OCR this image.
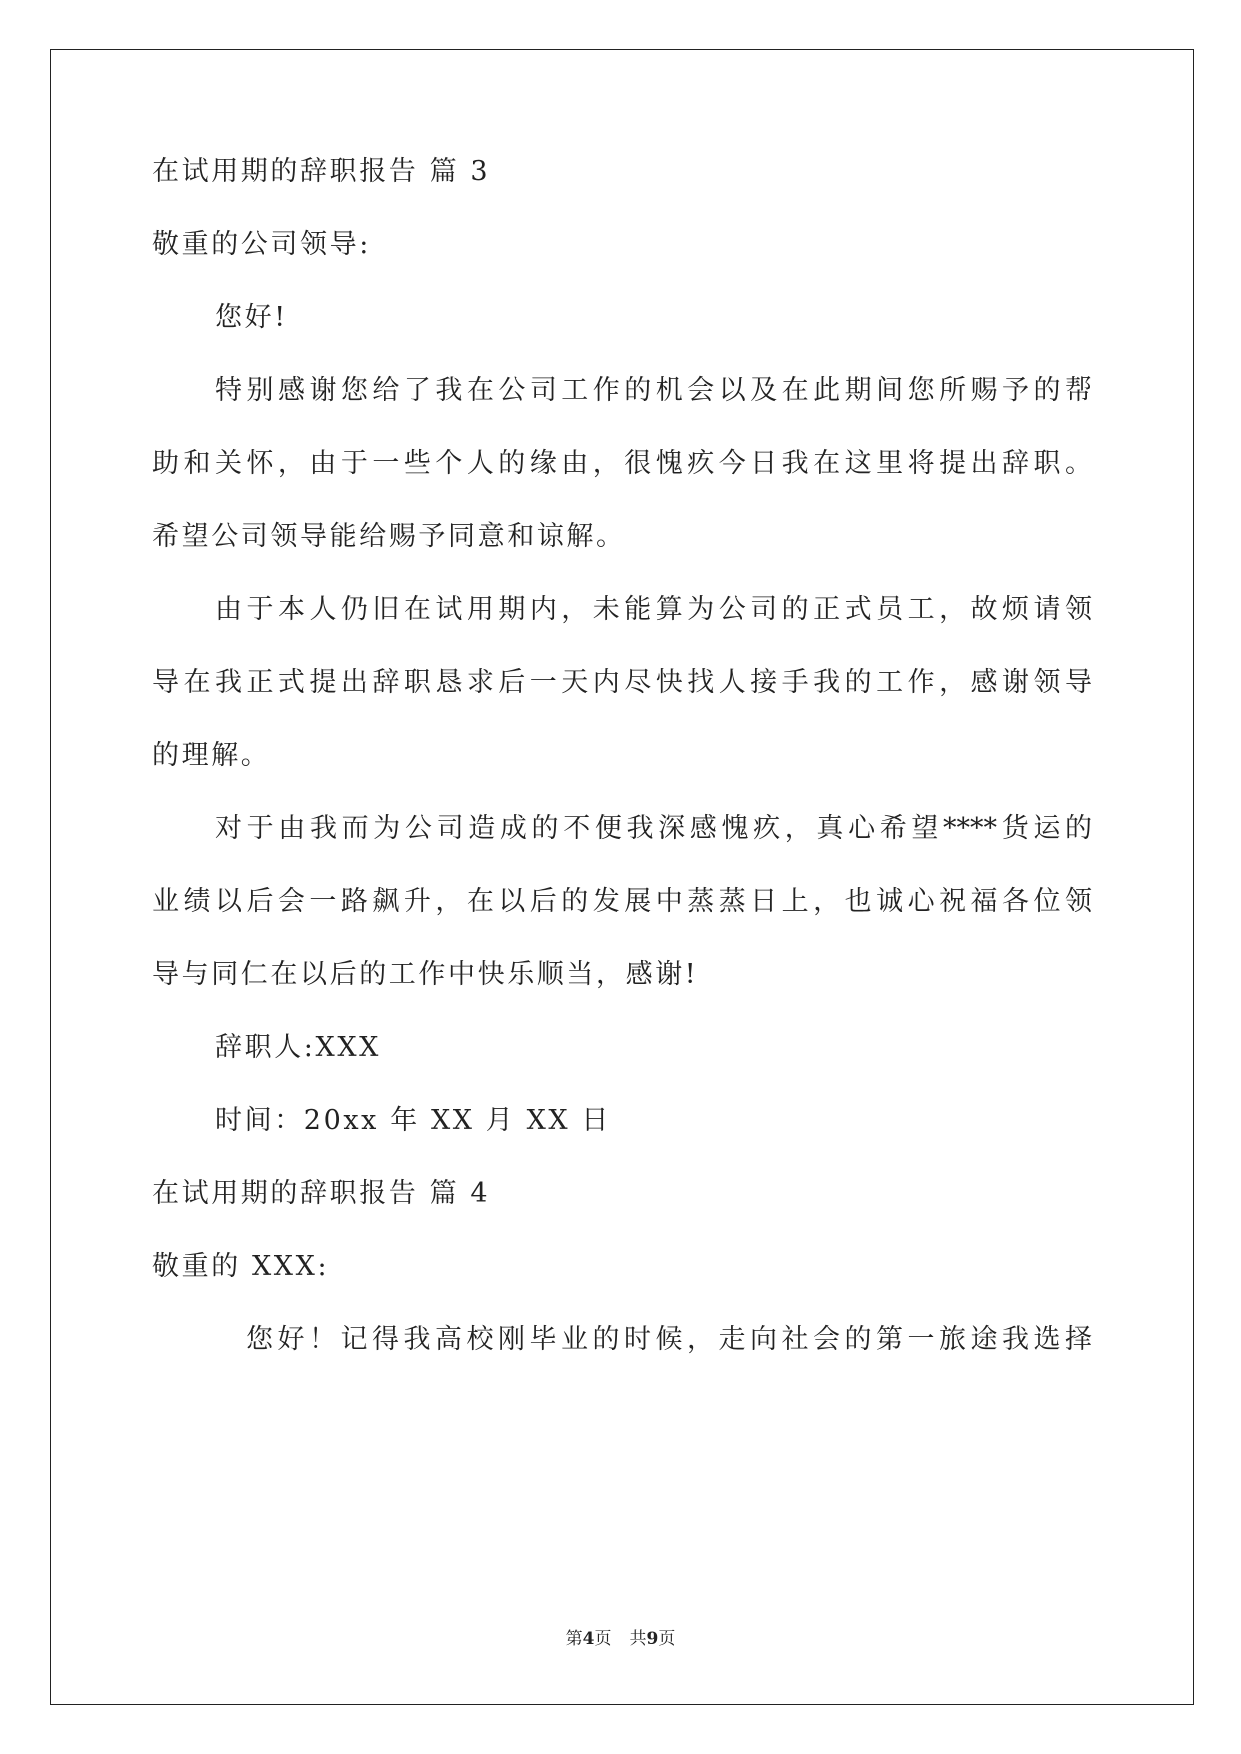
在试用期的辞职报告 篇 3
敬重的公司领导:
您好!
特别感谢您给了我在公司工作的机会以及在此期间您所赐予的帮
助和关怀，由于一些个人的缘由，很愧疚今日我在这里将提出辞职。
希望公司领导能给赐予同意和谅解。
由于本人仍旧在试用期内，未能算为公司的正式员工，故烦请领
导在我正式提出辞职恳求后一天内尽快找人接手我的工作，感谢领导
的理解。
对于由我而为公司造成的不便我深感愧疚，真心希望****货运的
业绩以后会一路飙升，在以后的发展中蒸蒸日上，也诚心祝福各位领
导与同仁在以后的工作中快乐顺当，感谢!
辞职人:XXX
时间：20xx 年 XX 月 XX 日
在试用期的辞职报告 篇 4
敬重的 XXX:
您好！记得我高校刚毕业的时候，走向社会的第一旅途我选择
第4页 共9页
